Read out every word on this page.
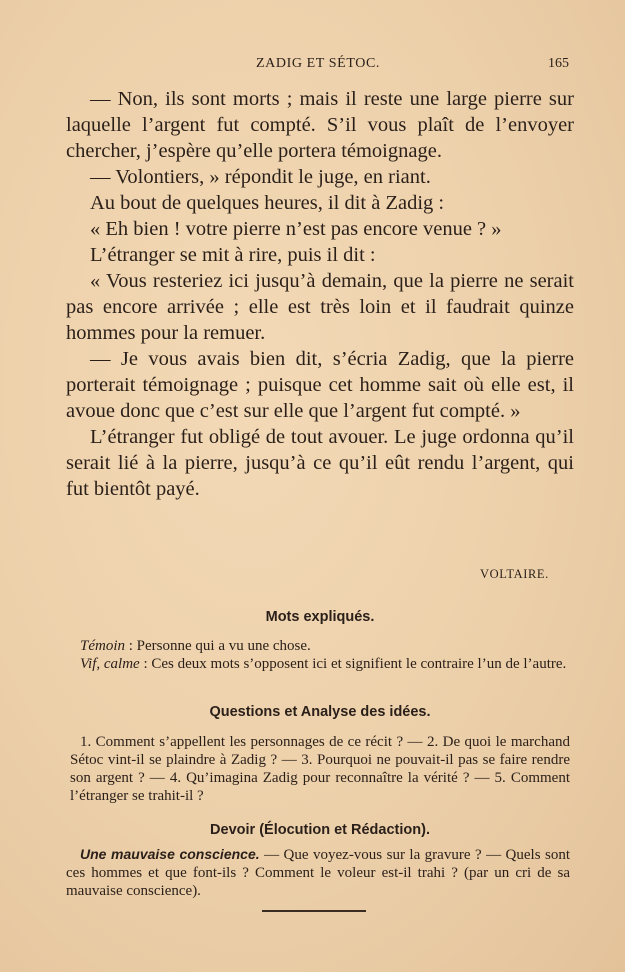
ZADIG ET SÉTOC.	165

— Non, ils sont morts ; mais il reste une large pierre sur laquelle l’argent fut compté. S’il vous plaît de l’envoyer chercher, j’espère qu’elle portera témoignage.

— Volontiers, » répondit le juge, en riant.

Au bout de quelques heures, il dit à Zadig :

« Eh bien ! votre pierre n’est pas encore venue ? »

L’étranger se mit à rire, puis il dit :

« Vous resteriez ici jusqu’à demain, que la pierre ne serait pas encore arrivée ; elle est très loin et il faudrait quinze hommes pour la remuer.

— Je vous avais bien dit, s’écria Zadig, que la pierre porterait témoignage ; puisque cet homme sait où elle est, il avoue donc que c’est sur elle que l’argent fut compté. »

L’étranger fut obligé de tout avouer. Le juge ordonna qu’il serait lié à la pierre, jusqu’à ce qu’il eût rendu l’argent, qui fut bientôt payé.

VOLTAIRE.
Mots expliqués.

Témoin : Personne qui a vu une chose.

Vif, calme : Ces deux mots s’opposent ici et signifient le contraire l’un de l’autre.

Questions et Analyse des idées.

1. Comment s’appellent les personnages de ce récit ? — 2. De quoi le marchand Sétoc vint-il se plaindre à Zadig ? — 3. Pourquoi ne pouvait-il pas se faire rendre son argent ? — 4. Qu’imagina Zadig pour reconnaître la vérité ? — 5. Comment l’étranger se trahit-il ?

Devoir (Élocution et Rédaction).

Une mauvaise conscience. — Que voyez-vous sur la gravure ? — Quels sont ces hommes et que font-ils ? Comment le voleur est-il trahi ? (par un cri de sa mauvaise conscience).
